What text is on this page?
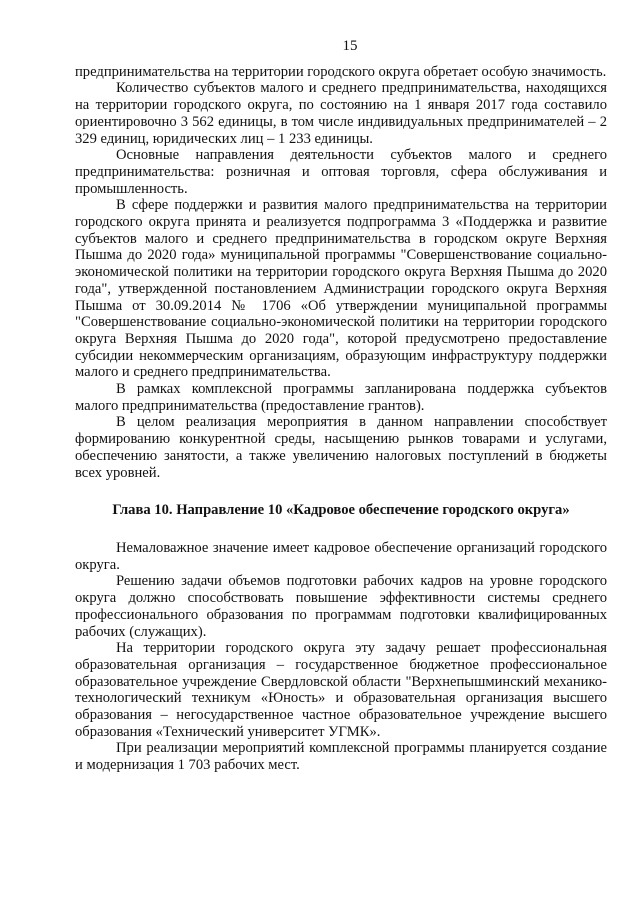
15

предпринимательства на территории городского округа обретает особую значимость.

Количество субъектов малого и среднего предпринимательства, находящихся на территории городского округа, по состоянию на 1 января 2017 года составило ориентировочно 3 562 единицы, в том числе индивидуальных предпринимателей – 2 329 единиц, юридических лиц – 1 233 единицы.

Основные направления деятельности субъектов малого и среднего предпринимательства: розничная и оптовая торговля, сфера обслуживания и промышленность.

В сфере поддержки и развития малого предпринимательства на территории городского округа принята и реализуется подпрограмма 3 «Поддержка и развитие субъектов малого и среднего предпринимательства в городском округе Верхняя Пышма до 2020 года» муниципальной программы "Совершенствование социально-экономической политики на территории городского округа Верхняя Пышма до 2020 года", утвержденной постановлением Администрации городского округа Верхняя Пышма от 30.09.2014 № 1706 «Об утверждении муниципальной программы "Совершенствование социально-экономической политики на территории городского округа Верхняя Пышма до 2020 года", которой предусмотрено предоставление субсидии некоммерческим организациям, образующим инфраструктуру поддержки малого и среднего предпринимательства.

В рамках комплексной программы запланирована поддержка субъектов малого предпринимательства (предоставление грантов).

В целом реализация мероприятия в данном направлении способствует формированию конкурентной среды, насыщению рынков товарами и услугами, обеспечению занятости, а также увеличению налоговых поступлений в бюджеты всех уровней.

Глава 10. Направление 10 «Кадровое обеспечение городского округа»

Немаловажное значение имеет кадровое обеспечение организаций городского округа.

Решению задачи объемов подготовки рабочих кадров на уровне городского округа должно способствовать повышение эффективности системы среднего профессионального образования по программам подготовки квалифицированных рабочих (служащих).

На территории городского округа эту задачу решает профессиональная образовательная организация – государственное бюджетное профессиональное образовательное учреждение Свердловской области "Верхнепышминский механико-технологический техникум «Юность» и образовательная организация высшего образования – негосударственное частное образовательное учреждение высшего образования «Технический университет УГМК».

При реализации мероприятий комплексной программы планируется создание и модернизация 1 703 рабочих мест.
